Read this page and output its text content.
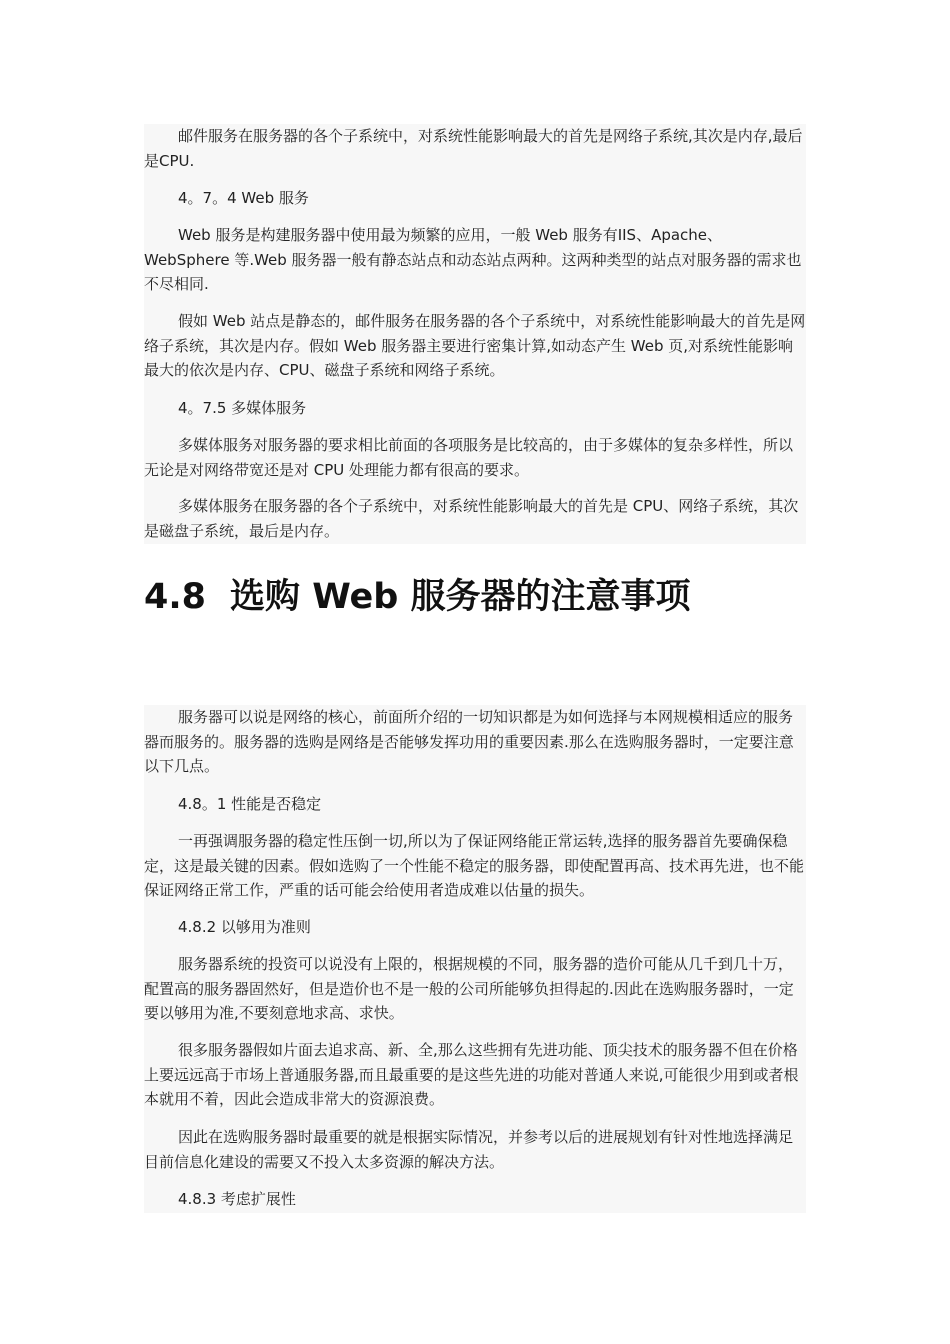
邮件服务在服务器的各个子系统中，对系统性能影响最大的首先是网络子系统,其次是内存,最后是CPU.

4。7。4 Web 服务

Web 服务是构建服务器中使用最为频繁的应用，一般 Web 服务有IIS、Apache、WebSphere 等.Web 服务器一般有静态站点和动态站点两种。这两种类型的站点对服务器的需求也不尽相同.

假如 Web 站点是静态的，邮件服务在服务器的各个子系统中，对系统性能影响最大的首先是网络子系统，其次是内存。假如 Web 服务器主要进行密集计算,如动态产生 Web 页,对系统性能影响最大的依次是内存、CPU、磁盘子系统和网络子系统。

4。7.5 多媒体服务

多媒体服务对服务器的要求相比前面的各项服务是比较高的，由于多媒体的复杂多样性，所以无论是对网络带宽还是对 CPU 处理能力都有很高的要求。

多媒体服务在服务器的各个子系统中，对系统性能影响最大的首先是 CPU、网络子系统，其次是磁盘子系统，最后是内存。

4.8 选购 Web 服务器的注意事项

服务器可以说是网络的核心，前面所介绍的一切知识都是为如何选择与本网规模相适应的服务器而服务的。服务器的选购是网络是否能够发挥功用的重要因素.那么在选购服务器时，一定要注意以下几点。

4.8。1 性能是否稳定

一再强调服务器的稳定性压倒一切,所以为了保证网络能正常运转,选择的服务器首先要确保稳定，这是最关键的因素。假如选购了一个性能不稳定的服务器，即使配置再高、技术再先进，也不能保证网络正常工作，严重的话可能会给使用者造成难以估量的损失。

4.8.2 以够用为准则

服务器系统的投资可以说没有上限的，根据规模的不同，服务器的造价可能从几千到几十万，配置高的服务器固然好，但是造价也不是一般的公司所能够负担得起的.因此在选购服务器时，一定要以够用为准,不要刻意地求高、求快。

很多服务器假如片面去追求高、新、全,那么这些拥有先进功能、顶尖技术的服务器不但在价格上要远远高于市场上普通服务器,而且最重要的是这些先进的功能对普通人来说,可能很少用到或者根本就用不着，因此会造成非常大的资源浪费。

因此在选购服务器时最重要的就是根据实际情况，并参考以后的进展规划有针对性地选择满足目前信息化建设的需要又不投入太多资源的解决方法。

4.8.3 考虑扩展性
